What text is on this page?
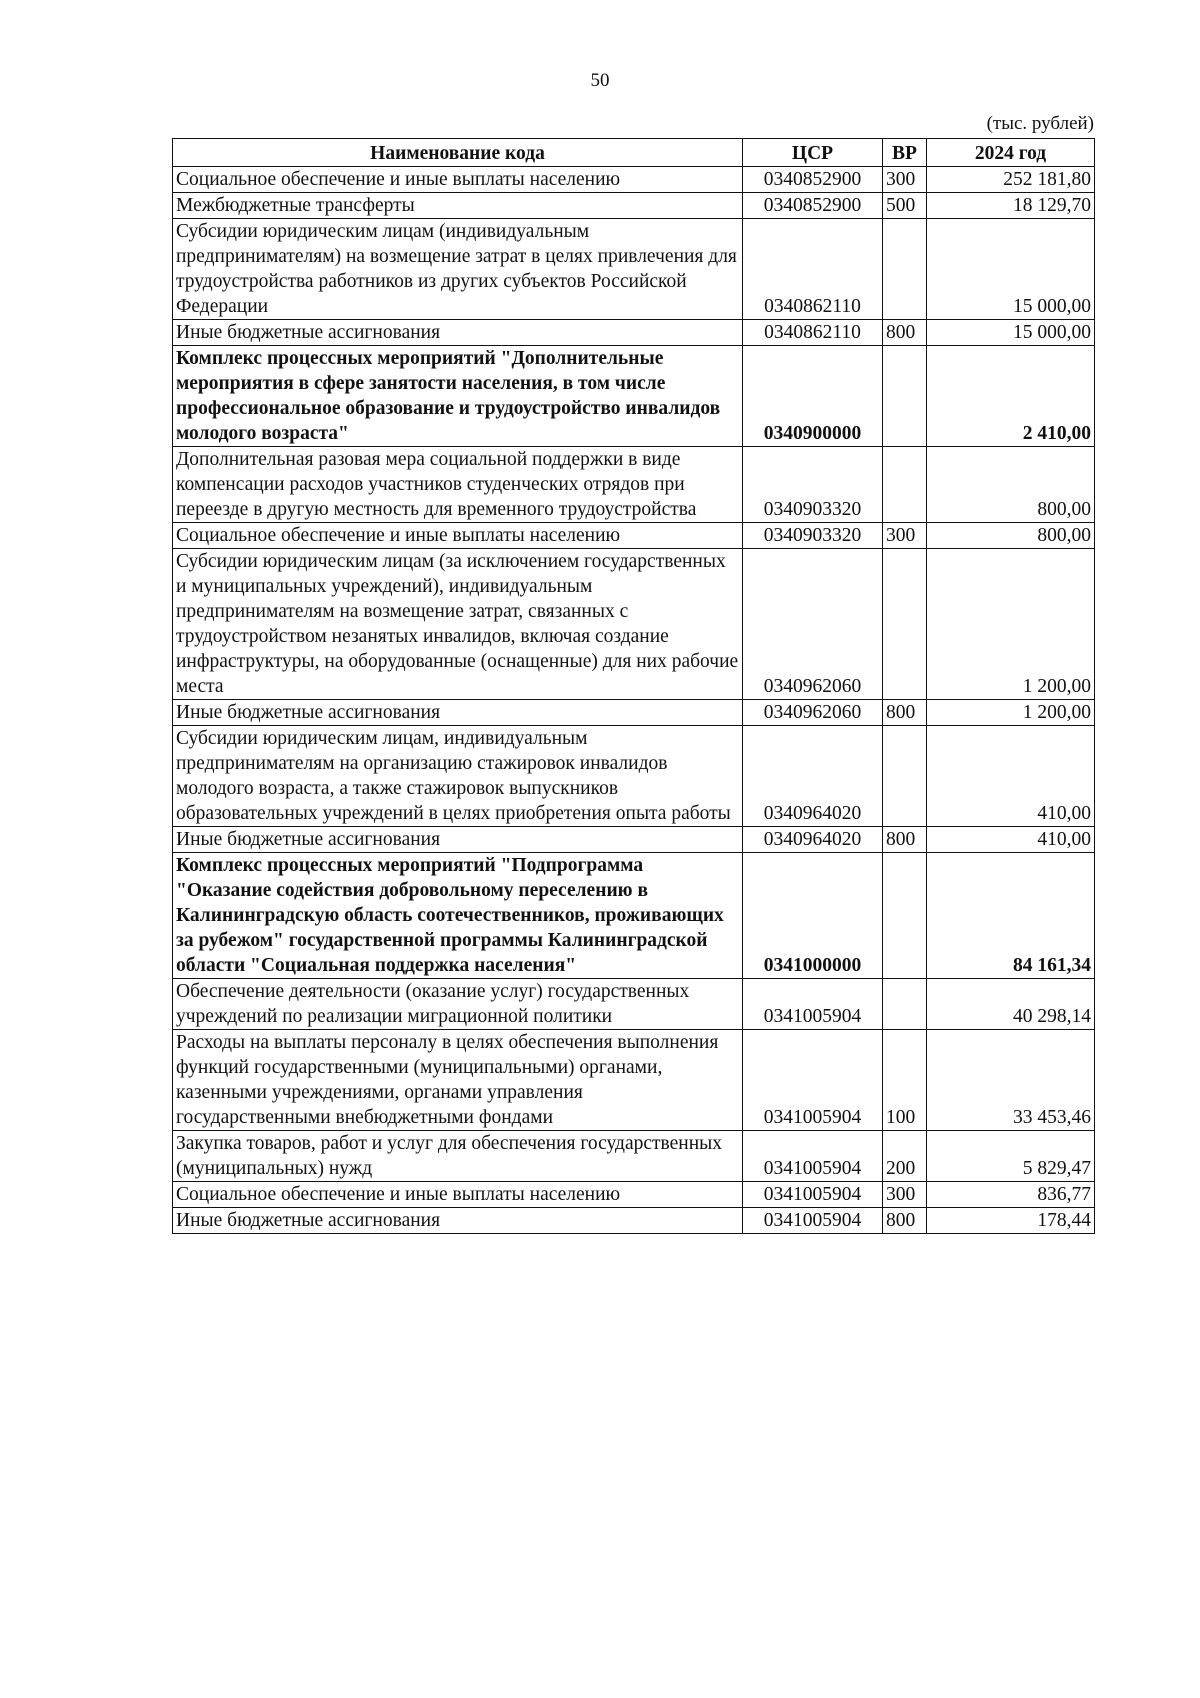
50
(тыс. рублей)
Наименование кода	ЦСР	ВР	2024 год
Социальное обеспечение и иные выплаты населению	0340852900	300	252 181,80
Межбюджетные трансферты	0340852900	500	18 129,70
Субсидии юридическим лицам (индивидуальным предпринимателям) на возмещение затрат в целях привлечения для трудоустройства работников из других субъектов Российской Федерации	0340862110		15 000,00
Иные бюджетные ассигнования	0340862110	800	15 000,00
Комплекс процессных мероприятий "Дополнительные мероприятия в сфере занятости населения, в том числе профессиональное образование и трудоустройство инвалидов молодого возраста"	0340900000		2 410,00
Дополнительная разовая мера социальной поддержки в виде компенсации расходов участников студенческих отрядов при переезде в другую местность для временного трудоустройства	0340903320		800,00
Социальное обеспечение и иные выплаты населению	0340903320	300	800,00
Субсидии юридическим лицам (за исключением государственных и муниципальных учреждений), индивидуальным предпринимателям на возмещение затрат, связанных с трудоустройством незанятых инвалидов, включая создание инфраструктуры, на оборудованные (оснащенные) для них рабочие места	0340962060		1 200,00
Иные бюджетные ассигнования	0340962060	800	1 200,00
Субсидии юридическим лицам, индивидуальным предпринимателям на организацию стажировок инвалидов молодого возраста, а также стажировок выпускников образовательных учреждений в целях приобретения опыта работы	0340964020		410,00
Иные бюджетные ассигнования	0340964020	800	410,00
Комплекс процессных мероприятий "Подпрограмма "Оказание содействия добровольному переселению в Калининградскую область соотечественников, проживающих за рубежом" государственной программы Калининградской области "Социальная поддержка населения"	0341000000		84 161,34
Обеспечение деятельности (оказание услуг) государственных учреждений по реализации миграционной политики	0341005904		40 298,14
Расходы на выплаты персоналу в целях обеспечения выполнения функций государственными (муниципальными) органами, казенными учреждениями, органами управления государственными внебюджетными фондами	0341005904	100	33 453,46
Закупка товаров, работ и услуг для обеспечения государственных (муниципальных) нужд	0341005904	200	5 829,47
Социальное обеспечение и иные выплаты населению	0341005904	300	836,77
Иные бюджетные ассигнования	0341005904	800	178,44
